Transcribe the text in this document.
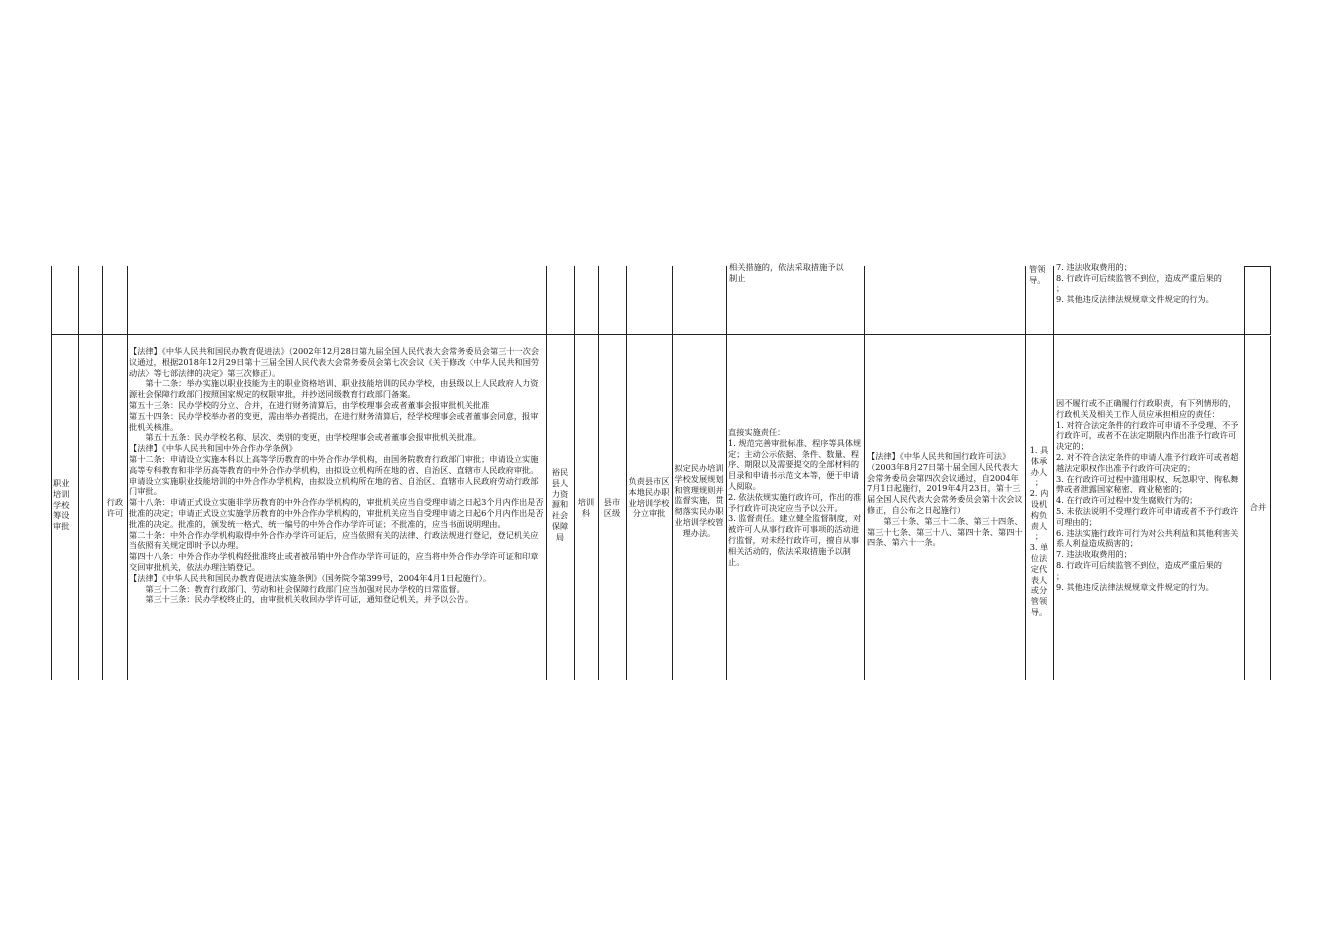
相关措施的，依法采取措施予以

制止

管领

导。

7. 违法收取费用的；

8. 行政许可后续监管不到位，造成严重后果的

；

9. 其他违反法律法规规章文件规定的行为。

职业培训学校筹设审批

行政许可

【法律】《中华人民共和国民办教育促进法》（2002年12月28日第九届全国人民代表大会常务委员会第三十一次会议通过，根据2018年12月29日第十三届全国人民代表大会常务委员会第七次会议《关于修改〈中华人民共和国劳动法〉等七部法律的决定》第三次修正）。

　　第十二条：举办实施以职业技能为主的职业资格培训、职业技能培训的民办学校，由县级以上人民政府人力资源社会保障行政部门按照国家规定的权限审批，并抄送同级教育行政部门备案。

第五十三条：民办学校的分立、合并，在进行财务清算后，由学校理事会或者董事会报审批机关批准

第五十四条：民办学校举办者的变更，需由举办者提出，在进行财务清算后，经学校理事会或者董事会同意，报审批机关核准。

　　第五十五条：民办学校名称、层次、类别的变更，由学校理事会或者董事会报审批机关批准。

【法律】《中华人民共和国中外合作办学条例》

第十二条：申请设立实施本科以上高等学历教育的中外合作办学机构，由国务院教育行政部门审批；申请设立实施高等专科教育和非学历高等教育的中外合作办学机构，由拟设立机构所在地的省、自治区、直辖市人民政府审批。

申请设立实施职业技能培训的中外合作办学机构，由拟设立机构所在地的省、自治区、直辖市人民政府劳动行政部门审批。

第十八条：申请正式设立实施非学历教育的中外合作办学机构的，审批机关应当自受理申请之日起3个月内作出是否批准的决定；申请正式设立实施学历教育的中外合作办学机构的，审批机关应当自受理申请之日起6个月内作出是否批准的决定。批准的，颁发统一格式、统一编号的中外合作办学许可证；不批准的，应当书面说明理由。

第二十条：中外合作办学机构取得中外合作办学许可证后，应当依照有关的法律、行政法规进行登记，登记机关应当依照有关规定即时予以办理。

第四十八条：中外合作办学机构经批准终止或者被吊销中外合作办学许可证的，应当将中外合作办学许可证和印章交回审批机关，依法办理注销登记。

【法律】《中华人民共和国民办教育促进法实施条例》（国务院令第399号，2004年4月1日起施行）。

　　第三十二条：教育行政部门、劳动和社会保障行政部门应当加强对民办学校的日常监督。

　　第三十三条：民办学校终止的，由审批机关收回办学许可证，通知登记机关，并予以公告。

裕民县人力资源和社会保障局

培训科

县市区级

负责县市区本地民办职业培训学校分立审批

拟定民办培训学校发展规划和管理规则并监督实施，贯彻落实民办职业培训学校管理办法。

直接实施责任：

1. 规范完善审批标准、程序等具体规定；主动公示依据、条件、数量、程序、期限以及需要提交的全部材料的目录和申请书示范文本等，便于申请人阅取。

2. 依法依规实施行政许可，作出的准予行政许可决定应当予以公开。

3. 监督责任。建立健全监督制度，对被许可人从事行政许可事项的活动进行监督，对未经行政许可，擅自从事相关活动的，依法采取措施予以制止。

【法律】《中华人民共和国行政许可法》（2003年8月27日第十届全国人民代表大会常务委员会第四次会议通过，自2004年7月1日起施行，2019年4月23日，第十三届全国人民代表大会常务委员会第十次会议修正，自公布之日起施行）

　　第三十条、第三十二条、第三十四条、第三十七条、第三十八、第四十条、第四十四条、第六十一条。

1. 具体承办人

；

2. 内设机构负责人

；

3. 单位法定代表人或分管领导。

因不履行或不正确履行行政职责，有下列情形的，行政机关及相关工作人员应承担相应的责任：

1. 对符合法定条件的行政许可申请不予受理、不予行政许可，或者不在法定期限内作出准予行政许可决定的；

2. 对不符合法定条件的申请人准予行政许可或者超越法定职权作出准予行政许可决定的；

3. 在行政许可过程中滥用职权、玩忽职守、徇私舞弊或者泄露国家秘密、商业秘密的；

4. 在行政许可过程中发生腐败行为的；

5. 未依法说明不受理行政许可申请或者不予行政许可理由的；

6. 违法实施行政许可行为对公共利益和其他利害关系人利益造成损害的；

7. 违法收取费用的；

8. 行政许可后续监管不到位，造成严重后果的

；

9. 其他违反法律法规规章文件规定的行为。

合并
